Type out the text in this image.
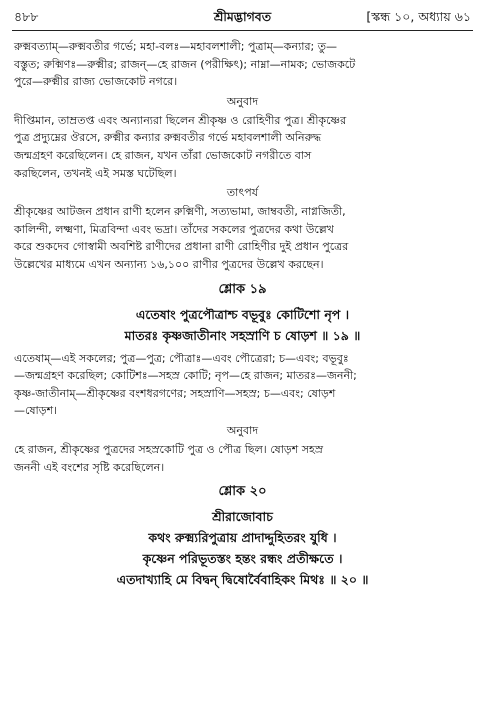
৪৮৮	শ্রীমদ্ভাগবত	[স্কন্ধ ১০, অধ্যায় ৬১

রুক্মবত্যাম্—রুক্মবতীর গর্ভে; মহা-বলঃ—মহাবলশালী; পুত্রাম্—কন্যার; তু—

বস্তুত; রুক্মিণঃ—রুক্মীর; রাজন্—হে রাজন (পরীক্ষিৎ); নাম্না—নামক; ভোজকটে

পুরে—রুক্মীর রাজ্য ভোজকোট নগরে।

অনুবাদ

দীপ্তিমান, তাম্রতপ্ত এবং অন্যান্যরা ছিলেন শ্রীকৃষ্ণ ও রোহিণীর পুত্র। শ্রীকৃষ্ণের

পুত্র প্রদ্যুম্নের ঔরসে, রুক্মীর কন্যার রুক্মবতীর গর্ভে মহাবলশালী অনিরুদ্ধ

জন্মগ্রহণ করেছিলেন। হে রাজন, যখন তাঁরা ভোজকোট নগরীতে বাস

করছিলেন, তখনই এই সমস্ত ঘটেছিল।

তাৎপর্য

শ্রীকৃষ্ণের আটজন প্রধান রাণী হলেন রুক্মিণী, সত্যভামা, জাম্ববতী, নাগ্নজিতী,

কালিন্দী, লক্ষ্মণা, মিত্রবিন্দা এবং ভদ্রা। তাঁদের সকলের পুত্রদের কথা উল্লেখ

করে শুকদেব গোস্বামী অবশিষ্ট রাণীদের প্রধানা রাণী রোহিণীর দুই প্রধান পুত্রের

উল্লেখের মাধ্যমে এখন অন্যান্য ১৬,১০০ রাণীর পুত্রদের উল্লেখ করছেন।

শ্লোক ১৯
এতেষাং পুত্রপৌত্রাশ্চ বভূবুঃ কোটিশো নৃপ ।
মাতরঃ কৃষ্ণজাতীনাং সহস্রাণি চ ষোড়শ ॥ ১৯ ॥

এতেষাম্—এই সকলের; পুত্র—পুত্র; পৌত্রাঃ—এবং পৌত্রেরা; চ—এবং; বভূবুঃ

—জন্মগ্রহণ করেছিল; কোটিশঃ—সহস্র কোটি; নৃপ—হে রাজন; মাতরঃ—জননী;

কৃষ্ণ-জাতীনাম্—শ্রীকৃষ্ণের বংশধরগণের; সহস্রাণি—সহস্র; চ—এবং; ষোড়শ

—ষোড়শ।

অনুবাদ

হে রাজন, শ্রীকৃষ্ণের পুত্রদের সহস্রকোটি পুত্র ও পৌত্র ছিল। ষোড়শ সহস্র

জননী এই বংশের সৃষ্টি করেছিলেন।

শ্লোক ২০
শ্রীরাজোবাচ
কথং রুক্ম্যরিপুত্রায় প্রাদাদ্দুহিতরং যুধি ।
কৃষ্ণেন পরিভূতস্তং হন্তং রন্ধং প্রতীক্ষতে ।
এতদাখ্যাহি মে বিদ্বন্ দ্বিষোর্বৈবাহিকং মিথঃ ॥ ২০ ॥
